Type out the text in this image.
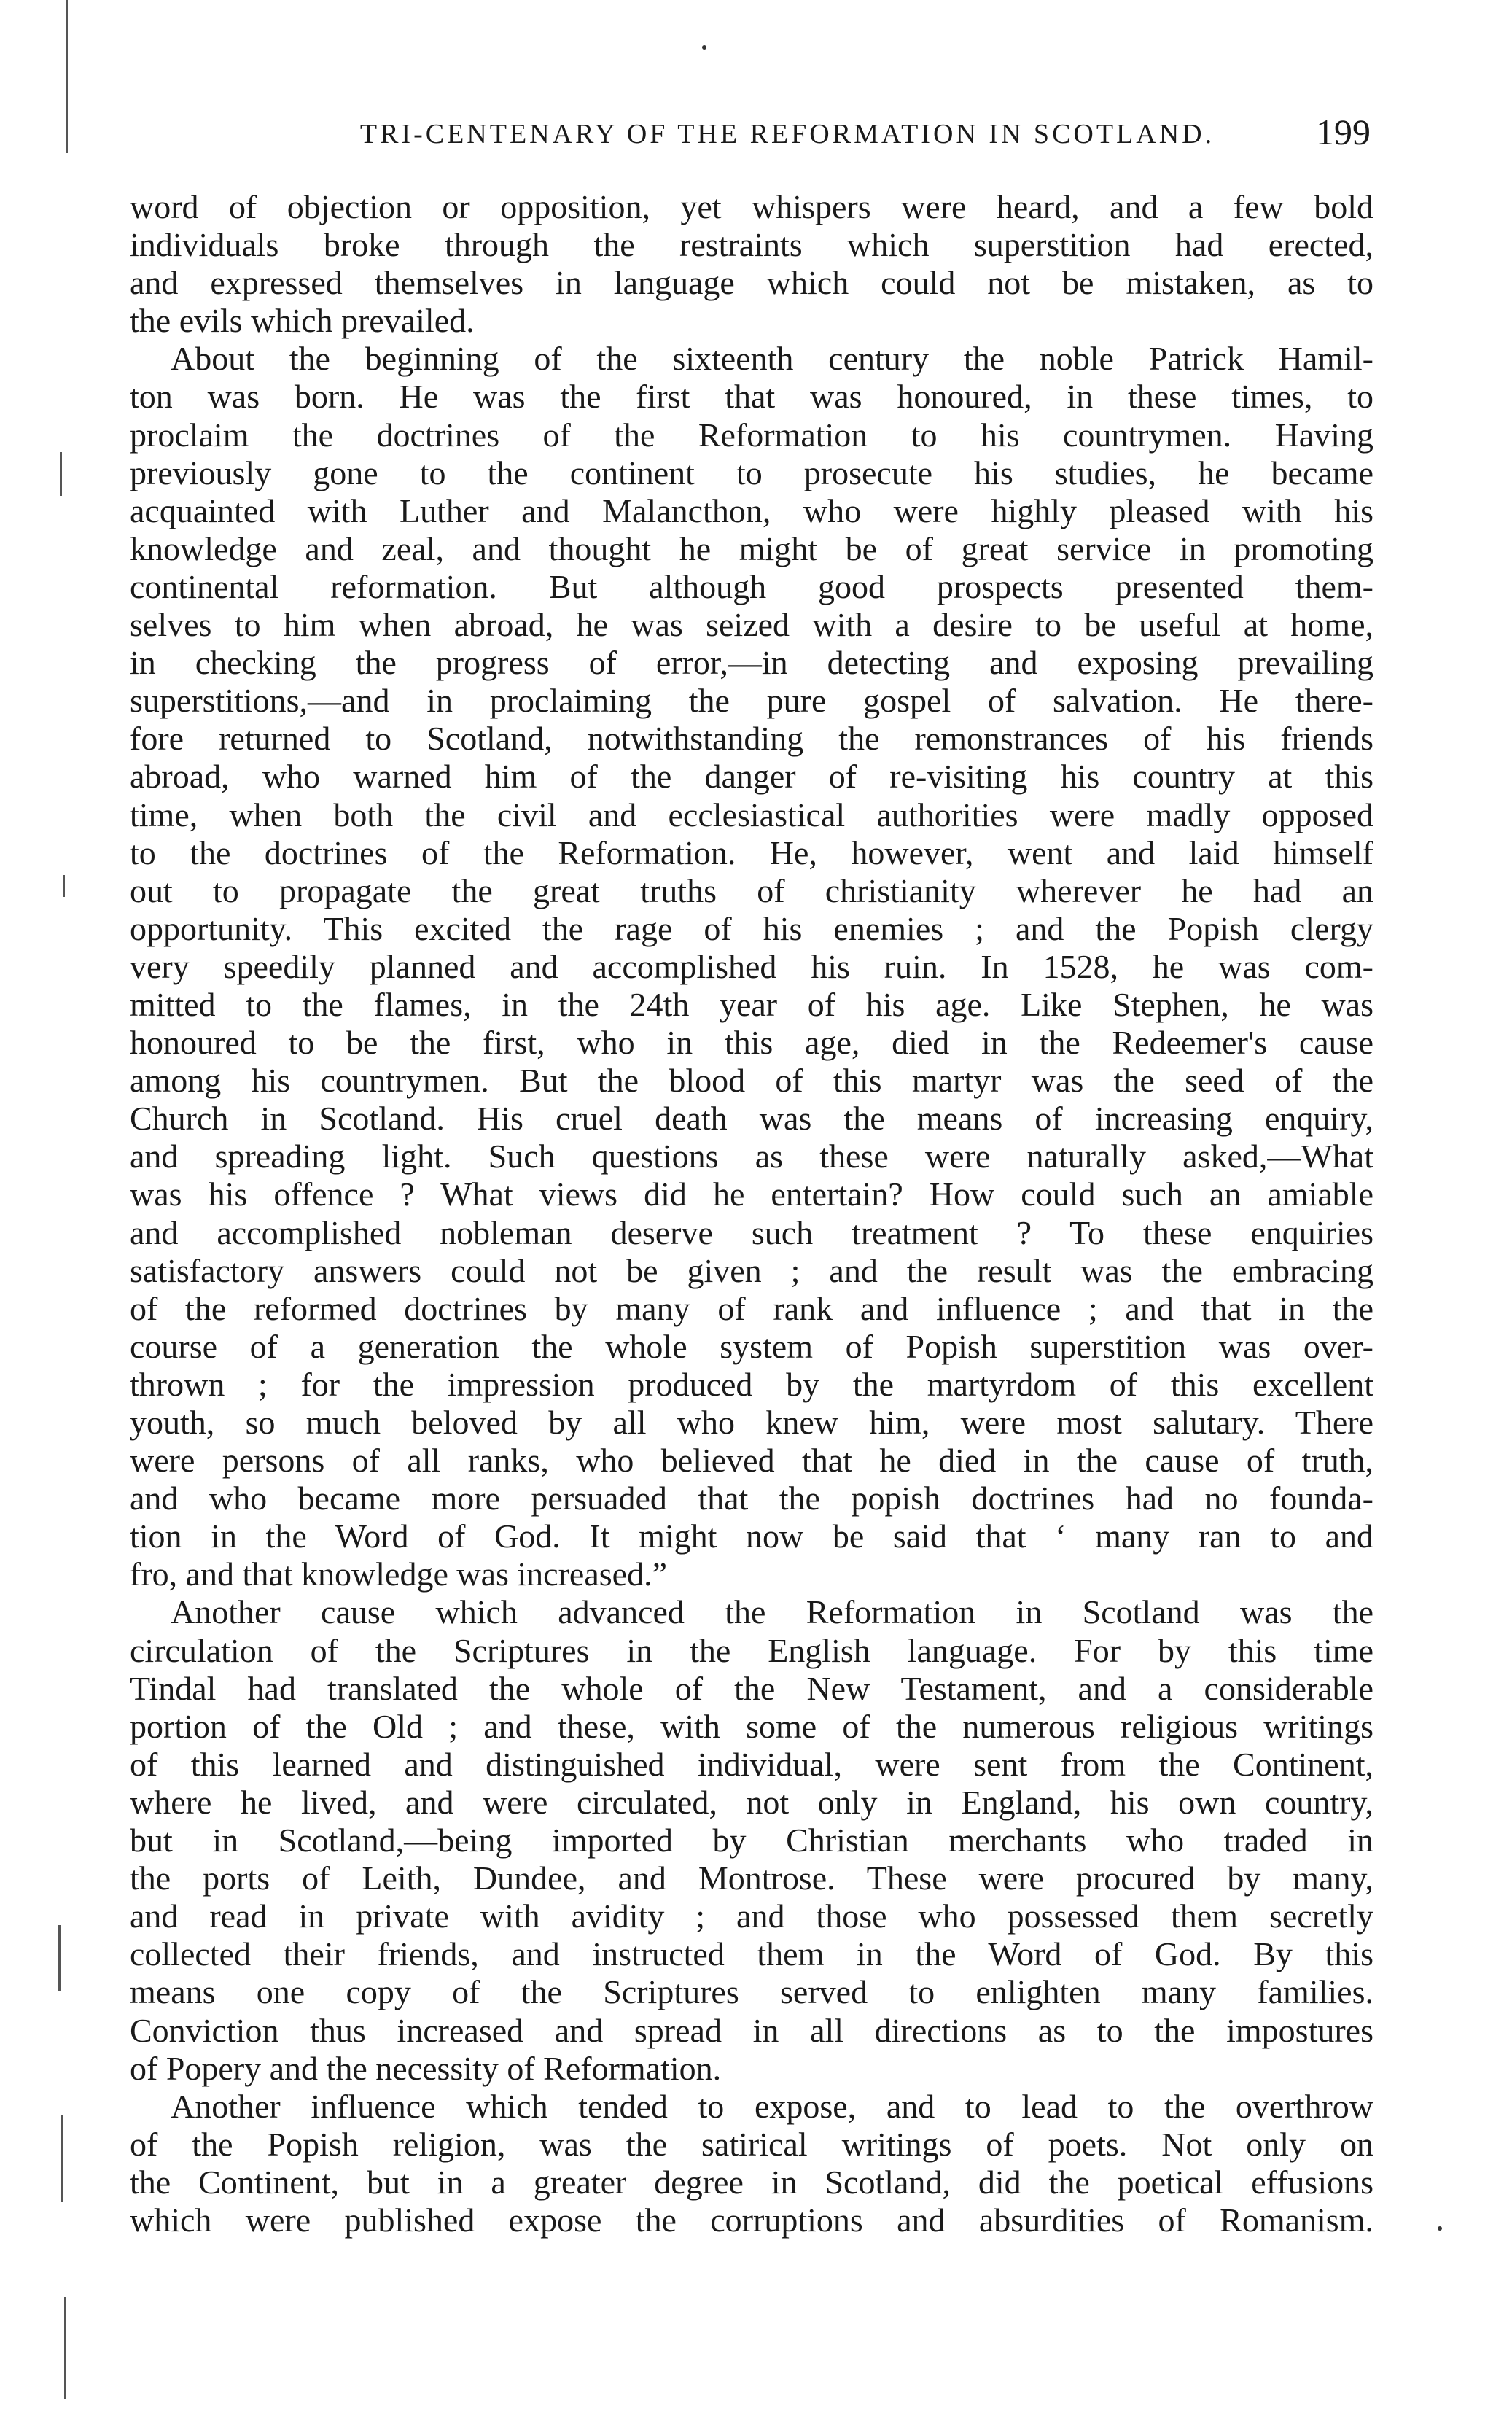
TRI-CENTENARY OF THE REFORMATION IN SCOTLAND.	199
word of objection or opposition, yet whispers were heard, and a few bold
individuals broke through the restraints which superstition had erected,
and expressed themselves in language which could not be mistaken, as to
the evils which prevailed.
About the beginning of the sixteenth century the noble Patrick Hamil-
ton was born. He was the first that was honoured, in these times, to
proclaim the doctrines of the Reformation to his countrymen. Having
previously gone to the continent to prosecute his studies, he became
acquainted with Luther and Malancthon, who were highly pleased with his
knowledge and zeal, and thought he might be of great service in promoting
continental reformation. But although good prospects presented them-
selves to him when abroad, he was seized with a desire to be useful at home,
in checking the progress of error,—in detecting and exposing prevailing
superstitions,—and in proclaiming the pure gospel of salvation. He there-
fore returned to Scotland, notwithstanding the remonstrances of his friends
abroad, who warned him of the danger of re-visiting his country at this
time, when both the civil and ecclesiastical authorities were madly opposed
to the doctrines of the Reformation. He, however, went and laid himself
out to propagate the great truths of christianity wherever he had an
opportunity. This excited the rage of his enemies ; and the Popish clergy
very speedily planned and accomplished his ruin. In 1528, he was com-
mitted to the flames, in the 24th year of his age. Like Stephen, he was
honoured to be the first, who in this age, died in the Redeemer's cause
among his countrymen. But the blood of this martyr was the seed of the
Church in Scotland. His cruel death was the means of increasing enquiry,
and spreading light. Such questions as these were naturally asked,—What
was his offence ? What views did he entertain? How could such an amiable
and accomplished nobleman deserve such treatment ? To these enquiries
satisfactory answers could not be given ; and the result was the embracing
of the reformed doctrines by many of rank and influence ; and that in the
course of a generation the whole system of Popish superstition was over-
thrown ; for the impression produced by the martyrdom of this excellent
youth, so much beloved by all who knew him, were most salutary. There
were persons of all ranks, who believed that he died in the cause of truth,
and who became more persuaded that the popish doctrines had no founda-
tion in the Word of God. It might now be said that ‘ many ran to and
fro, and that knowledge was increased.”
Another cause which advanced the Reformation in Scotland was the
circulation of the Scriptures in the English language. For by this time
Tindal had translated the whole of the New Testament, and a considerable
portion of the Old ; and these, with some of the numerous religious writings
of this learned and distinguished individual, were sent from the Continent,
where he lived, and were circulated, not only in England, his own country,
but in Scotland,—being imported by Christian merchants who traded in
the ports of Leith, Dundee, and Montrose. These were procured by many,
and read in private with avidity ; and those who possessed them secretly
collected their friends, and instructed them in the Word of God. By this
means one copy of the Scriptures served to enlighten many families.
Conviction thus increased and spread in all directions as to the impostures
of Popery and the necessity of Reformation.
Another influence which tended to expose, and to lead to the overthrow
of the Popish religion, was the satirical writings of poets. Not only on
the Continent, but in a greater degree in Scotland, did the poetical effusions
which were published expose the corruptions and absurdities of Romanism.
